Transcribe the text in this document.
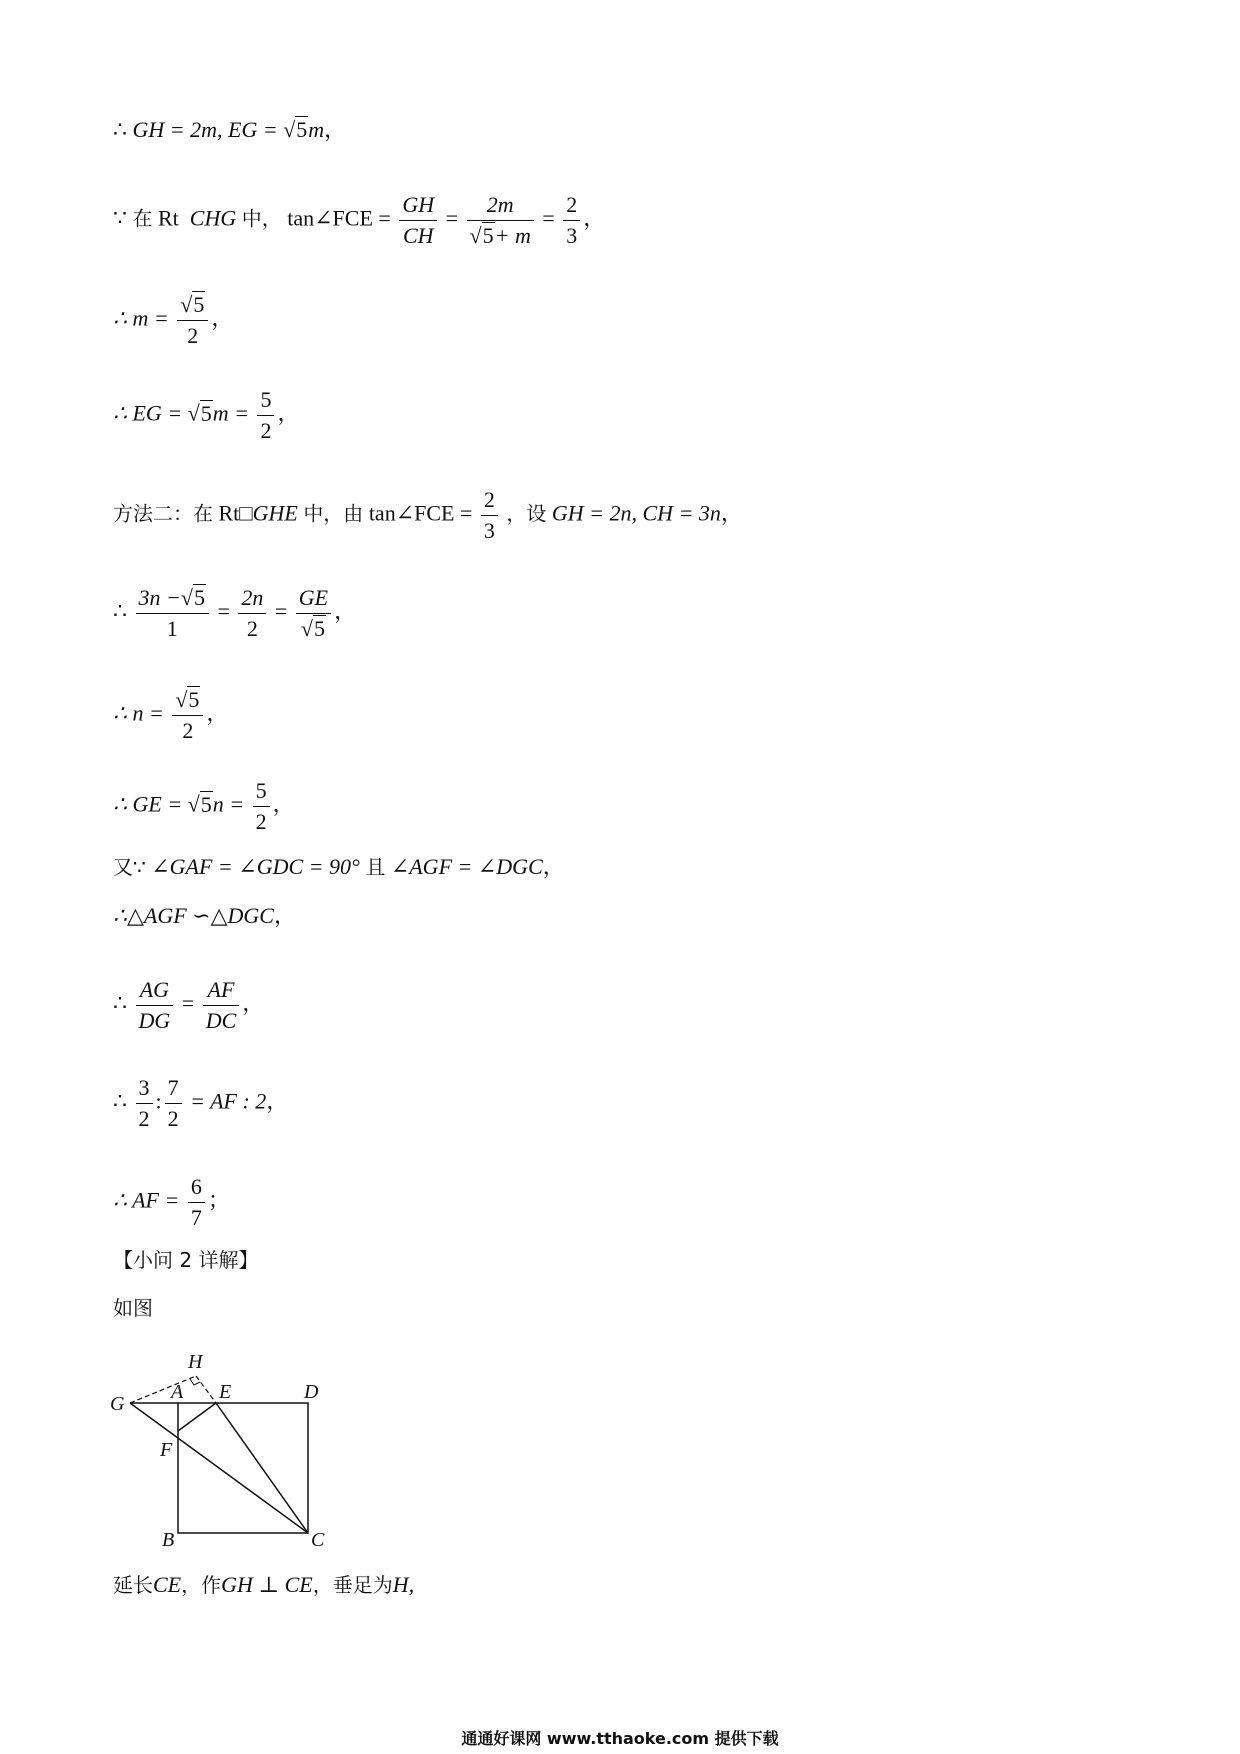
∴ GH = 2m, EG = √5m，
∵ 在 Rt CHG 中， tan∠FCE = $\frac{GH}{CH} = \frac{2m}{√5+ m} = \frac{2}{3}$ ，
∴ $m = \frac{√5}{2}$ ，
∴ EG = $√5m = \frac{5}{2}$ ，
方法二：在 Rt□GHE 中，由 tan∠FCE = $\frac{2}{3}$ ，设 GH = 2n, CH = 3n，
∴ $\frac{3n -√5}{1} = \frac{2n}{2} = \frac{GE}{√5}$ ，
∴ $n = \frac{√5}{2}$ ，
∴ GE = $√5n = \frac{5}{2}$ ，
又∵ ∠GAF = ∠GDC = 90° 且 ∠AGF = ∠DGC，
∴△AGF ∽△DGC，
∴ $\frac{AG}{DG} = \frac{AF}{DC}$ ，
∴ $\frac{3}{2}$ : $\frac{7}{2}$ = AF : 2，
∴ AF = $\frac{6}{7}$ ；
【小问 2 详解】
如图
H
G
A E	D
F
B	C
延长CE，作GH ⊥ CE，垂足为H,
通通好课网 www.tthaoke.com 提供下载
